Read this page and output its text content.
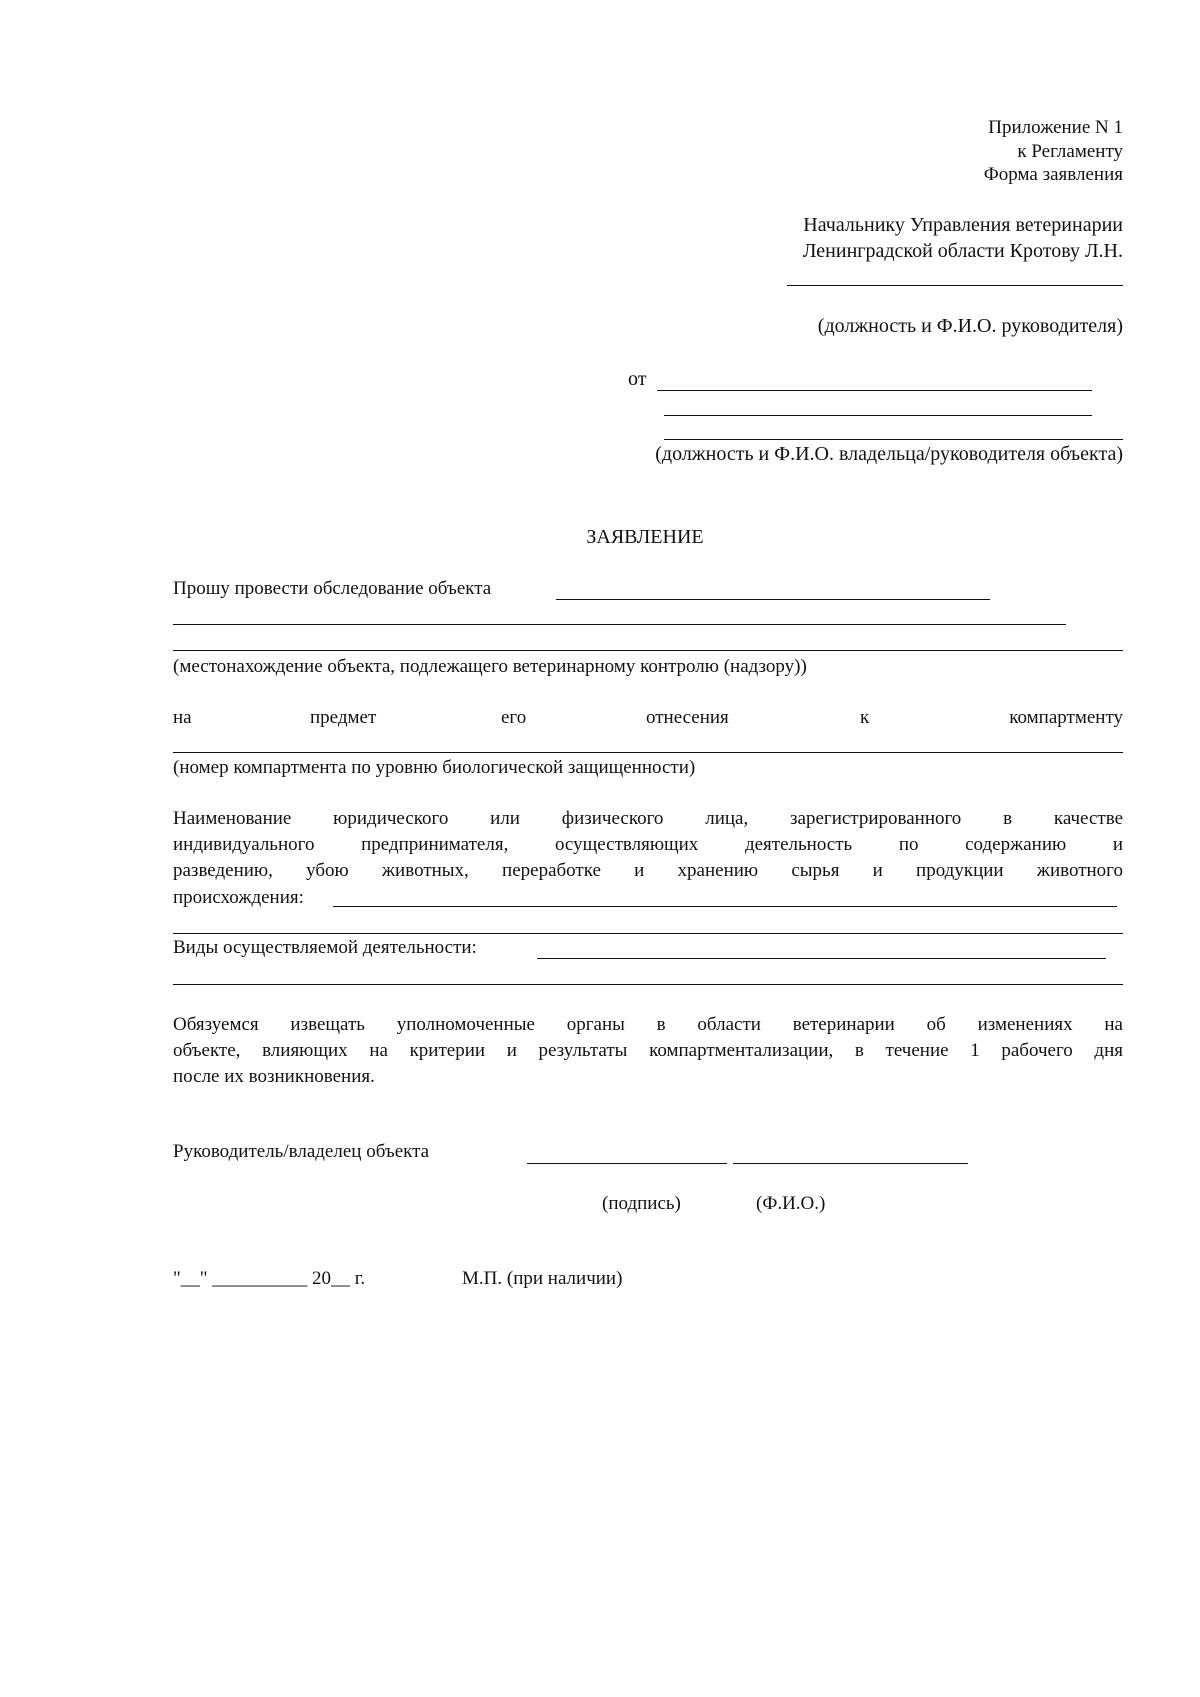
Приложение N 1
к Регламенту
Форма заявления
Начальнику Управления ветеринарии
Ленинградской области Кротову Л.Н.
(должность и Ф.И.О. руководителя)
от
(должность и Ф.И.О. владельца/руководителя объекта)
ЗАЯВЛЕНИЕ
Прошу провести обследование объекта
(местонахождение объекта, подлежащего ветеринарному контролю (надзору))
на	предмет	его	отнесения	к	компартменту
(номер компартмента по уровню биологической защищенности)
Наименование юридического или физического лица, зарегистрированного в качестве
индивидуального предпринимателя, осуществляющих деятельность по содержанию и
разведению, убою животных, переработке и хранению сырья и продукции животного
происхождения:
Виды осуществляемой деятельности:
Обязуемся извещать уполномоченные органы в области ветеринарии об изменениях на
объекте, влияющих на критерии и результаты компартментализации, в течение 1 рабочего дня
после их возникновения.
Руководитель/владелец объекта
(подпись)	(Ф.И.О.)
"__" __________ 20__ г.	М.П. (при наличии)
